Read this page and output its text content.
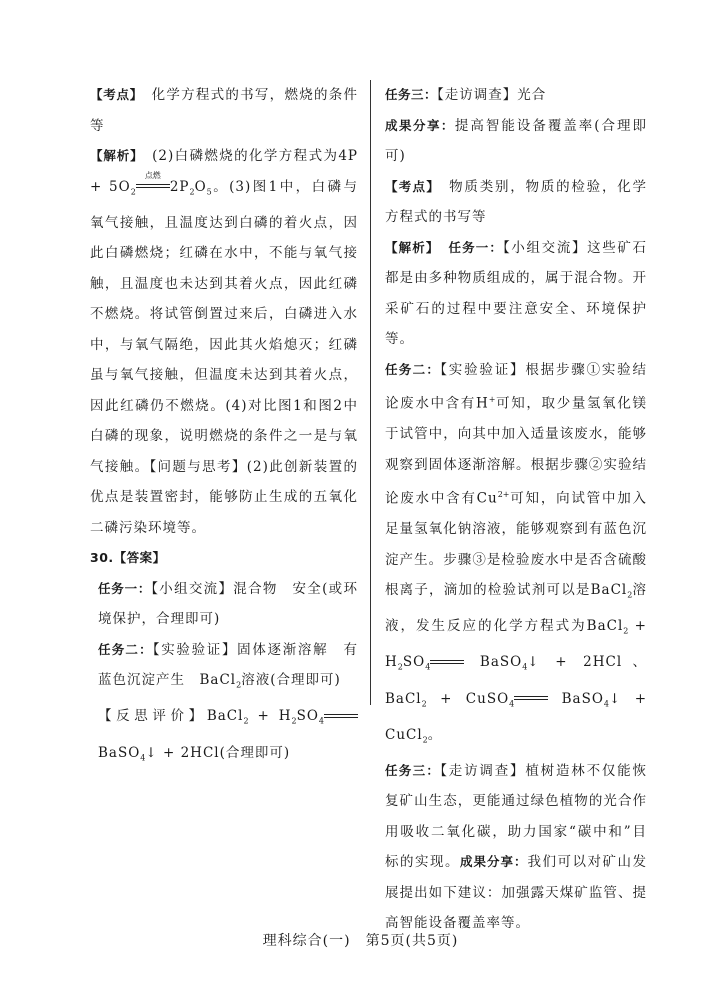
【考点】　 化学方程式的书写，燃烧的条件等

【解析】　 (2)白磷燃烧的化学方程式为$4P + 5O_2$
点燃
$2P_2O_5$。(3)图1中，白磷与氧气接触，且温度达到白磷的着火点，因此白磷燃烧；红磷在水中，不能与氧气接触，且温度也未达到其着火点，因此红磷不燃烧。将试管倒置过来后，白磷进入水中，与氧气隔绝，因此其火焰熄灭；红磷虽与氧气接触，但温度未达到其着火点，因此红磷仍不燃烧。(4)对比图1和图2中白磷的现象，说明燃烧的条件之一是与氧气接触。【问题与思考】(2)此创新装置的优点是装置密封，能够防止生成的五氧化二磷污染环境等。

30.【答案】

任务一：【小组交流】混合物　安全(或环境保护，合理即可)

任务二：【实验验证】固体逐渐溶解　有蓝色沉淀产生　BaCl$_2$溶液(合理即可)

【反思评价】BaCl$_2$ + $H_2SO_4$ BaSO$_4$↓ + 2HCl(合理即可)

任务三：【走访调查】光合

成果分享：提高智能设备覆盖率(合理即可)

【考点】　 物质类别，物质的检验，化学方程式的书写等

【解析】　 任务一：【小组交流】这些矿石都是由多种物质组成的，属于混合物。开采矿石的过程中要注意安全、环境保护等。

任务二：【实验验证】根据步骤①实验结论废水中含有H+可知，取少量氢氧化镁于试管中，向其中加入适量该废水，能够观察到固体逐渐溶解。根据步骤②实验结论废水中含有$Cu^{2+}$可知，向试管中加入足量氢氧化钠溶液，能够观察到有蓝色沉淀产生。步骤③是检验废水中是否含硫酸根离子，滴加的检验试剂可以是BaCl$_2$溶液，发生反应的化学方程式为BaCl$_2$ + $H_2SO_4$	BaSO$_4$↓ + 2HCl、BaCl$_2$ + CuSO$_4$	BaSO$_4$↓ + CuCl$_2$。

任务三：【走访调查】植树造林不仅能恢复矿山生态，更能通过绿色植物的光合作用吸收二氧化碳，助力国家“碳中和”目标的实现。成果分享：我们可以对矿山发展提出如下建议：加强露天煤矿监管、提高智能设备覆盖率等。

理科综合(一)　第5页(共5页)
